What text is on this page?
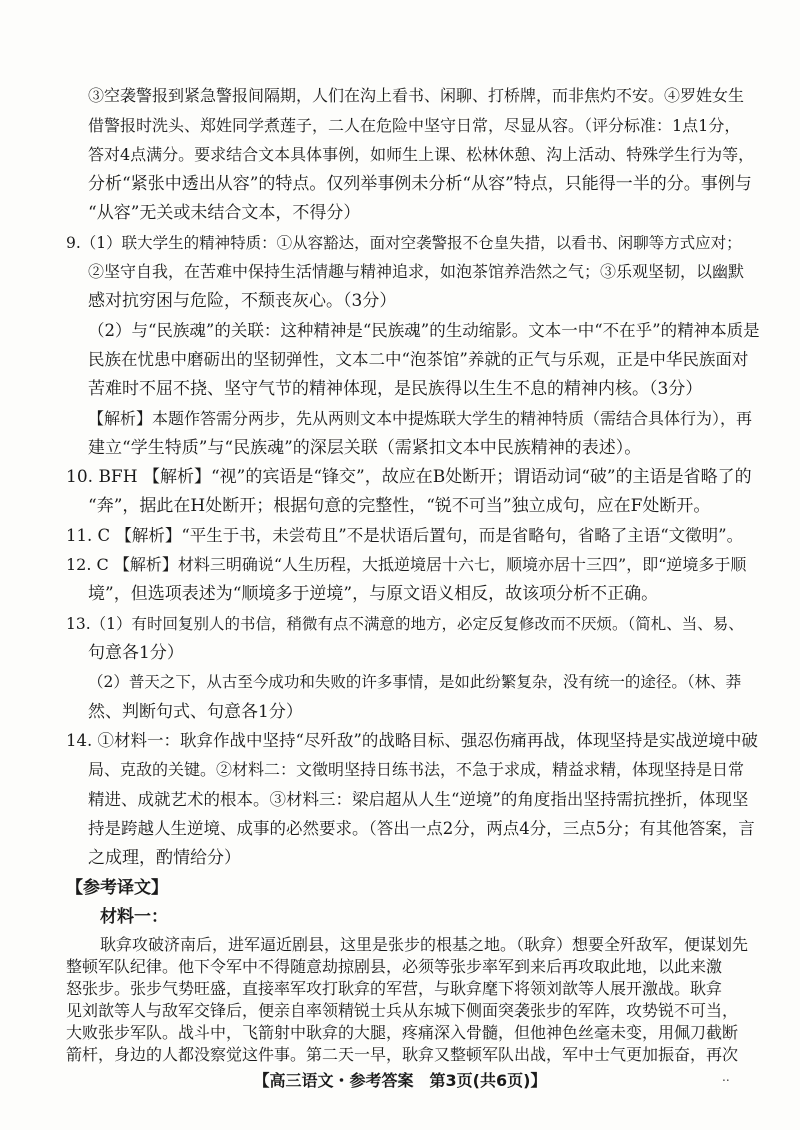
③空袭警报到紧急警报间隔期，人们在沟上看书、闲聊、打桥牌，而非焦灼不安。④罗姓女生
借警报时洗头、郑姓同学煮莲子，二人在危险中坚守日常，尽显从容。（评分标准：1点1分，
答对4点满分。要求结合文本具体事例，如师生上课、松林休憩、沟上活动、特殊学生行为等，
分析“紧张中透出从容”的特点。仅列举事例未分析“从容”特点，只能得一半的分。事例与
“从容”无关或未结合文本，不得分）
9.（1）联大学生的精神特质：①从容豁达，面对空袭警报不仓皇失措，以看书、闲聊等方式应对；
②坚守自我，在苦难中保持生活情趣与精神追求，如泡茶馆养浩然之气；③乐观坚韧，以幽默
感对抗穷困与危险，不颓丧灰心。（3分）
（2）与“民族魂”的关联：这种精神是“民族魂”的生动缩影。文本一中“不在乎”的精神本质是
民族在忧患中磨砺出的坚韧弹性，文本二中“泡茶馆”养就的正气与乐观，正是中华民族面对
苦难时不屈不挠、坚守气节的精神体现，是民族得以生生不息的精神内核。（3分）
【解析】本题作答需分两步，先从两则文本中提炼联大学生的精神特质（需结合具体行为），再
建立“学生特质”与“民族魂”的深层关联（需紧扣文本中民族精神的表述）。
10. BFH 【解析】“视”的宾语是“锋交”，故应在B处断开；谓语动词“破”的主语是省略了的
“奔”，据此在H处断开；根据句意的完整性，“锐不可当”独立成句，应在F处断开。
11. C 【解析】“平生于书，未尝苟且”不是状语后置句，而是省略句，省略了主语“文徵明”。
12. C 【解析】材料三明确说“人生历程，大抵逆境居十六七，顺境亦居十三四”，即“逆境多于顺
境”，但选项表述为“顺境多于逆境”，与原文语义相反，故该项分析不正确。
13.（1）有时回复别人的书信，稍微有点不满意的地方，必定反复修改而不厌烦。（简札、当、易、
句意各1分）
（2）普天之下，从古至今成功和失败的许多事情，是如此纷繁复杂，没有统一的途径。（林、莽
然、判断句式、句意各1分）
14. ①材料一：耿弇作战中坚持“尽歼敌”的战略目标、强忍伤痛再战，体现坚持是实战逆境中破
局、克敌的关键。②材料二：文徵明坚持日练书法，不急于求成，精益求精，体现坚持是日常
精进、成就艺术的根本。③材料三：梁启超从人生“逆境”的角度指出坚持需抗挫折，体现坚
持是跨越人生逆境、成事的必然要求。（答出一点2分，两点4分，三点5分；有其他答案，言
之成理，酌情给分）
【参考译文】
材料一：
耿弇攻破济南后，进军逼近剧县，这里是张步的根基之地。（耿弇）想要全歼敌军，便谋划先
整顿军队纪律。他下令军中不得随意劫掠剧县，必须等张步率军到来后再攻取此地，以此来激
怒张步。张步气势旺盛，直接率军攻打耿弇的军营，与耿弇麾下将领刘歆等人展开激战。耿弇
见刘歆等人与敌军交锋后，便亲自率领精锐士兵从东城下侧面突袭张步的军阵，攻势锐不可当，
大败张步军队。战斗中，飞箭射中耿弇的大腿，疼痛深入骨髓，但他神色丝毫未变，用佩刀截断
【高三语文・参考答案　第3页(共6页)】	..
箭杆，身边的人都没察觉这件事。第二天一早，耿弇又整顿军队出战，军中士气更加振奋，再次
